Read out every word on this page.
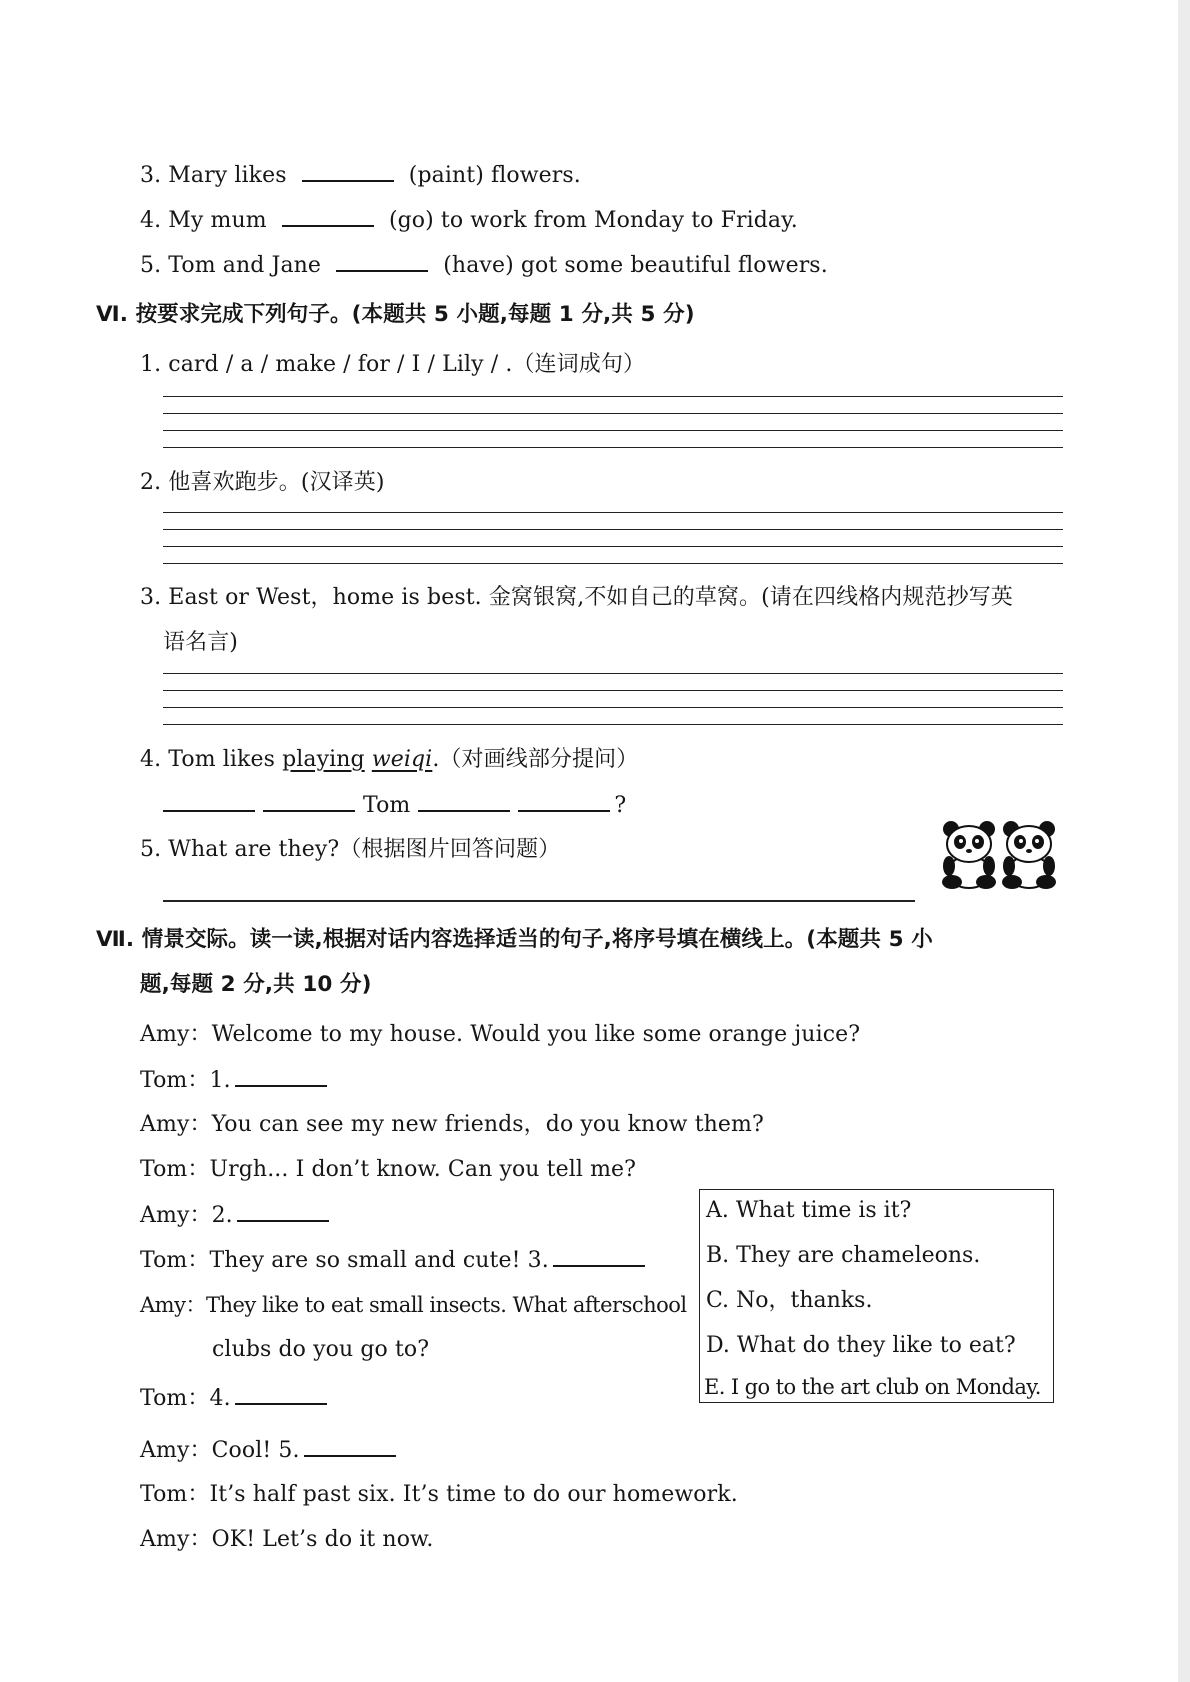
3. Mary likes	(paint) flowers.
4. My mum	(go) to work from Monday to Friday.
5. Tom and Jane	(have) got some beautiful flowers.
Ⅵ. 按要求完成下列句子。(本题共 5 小题,每题 1 分,共 5 分)
1. card / a / make / for / I / Lily / .（连词成句）
2. 他喜欢跑步。(汉译英)
3. East or West，home is best. 金窝银窝,不如自己的草窝。(请在四线格内规范抄写英
语名言)
4. Tom likes playing weiqi.（对画线部分提问）
Tom	?
5. What are they?（根据图片回答问题）
Ⅶ. 情景交际。读一读,根据对话内容选择适当的句子,将序号填在横线上。(本题共 5 小
题,每题 2 分,共 10 分)
Amy：Welcome to my house. Would you like some orange juice?
Tom：1.
Amy：You can see my new friends，do you know them?
Tom：Urgh... I don’t know. Can you tell me?
Amy：2.
Tom：They are so small and cute! 3.
Amy：They like to eat small insects. What afterschool
clubs do you go to?
Tom：4.
Amy：Cool! 5.
Tom：It’s half past six. It’s time to do our homework.
Amy：OK! Let’s do it now.
A. What time is it?
B. They are chameleons.
C. No，thanks.
D. What do they like to eat?
E. I go to the art club on Monday.
